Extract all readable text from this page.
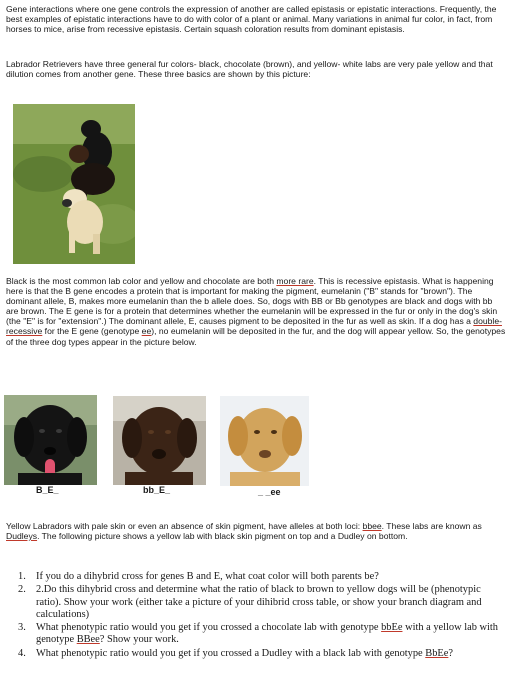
Gene interactions where one gene controls the expression of another are called epistasis or epistatic interactions. Frequently, the best examples of epistatic interactions have to do with color of a plant or animal. Many variations in animal fur color, in fact, from horses to mice, arise from recessive epistasis. Certain squash coloration results from dominant epistasis.

Labrador Retrievers have three general fur colors- black, chocolate (brown), and yellow- white labs are very pale yellow and that dilution comes from another gene. These three basics are shown by this picture:

Black is the most common lab color and yellow and chocolate are both more rare. This is recessive epistasis. What is happening here is that the B gene encodes a protein that is important for making the pigment, eumelanin ("B" stands for "brown"). The dominant allele, B, makes more eumelanin than the b allele does. So, dogs with BB or Bb genotypes are black and dogs with bb are brown. The E gene is for a protein that determines whether the eumelanin will be expressed in the fur or only in the dog's skin (the "E" is for "extension".) The dominant allele, E, causes pigment to be deposited in the fur as well as skin. If a dog has a double-recessive for the E gene (genotype ee), no eumelanin will be deposited in the fur, and the dog will appear yellow. So, the genotypes of the three dog types appear in the picture below.

B_E_	bb_E_	_ _ee

Yellow Labradors with pale skin or even an absence of skin pigment, have alleles at both loci: bbee. These labs are known as Dudleys. The following picture shows a yellow lab with black skin pigment on top and a Dudley on bottom.

1. If you do a dihybrid cross for genes B and E, what coat color will both parents be?
2. 2.Do this dihybrid cross and determine what the ratio of black to brown to yellow dogs will be (phenotypic ratio). Show your work (either take a picture of your dihibrid cross table, or show your branch diagram and calculations)
3. What phenotypic ratio would you get if you crossed a chocolate lab with genotype bbEe with a yellow lab with genotype BBee? Show your work.
4. What phenotypic ratio would you get if you crossed a Dudley with a black lab with genotype BbEe?
